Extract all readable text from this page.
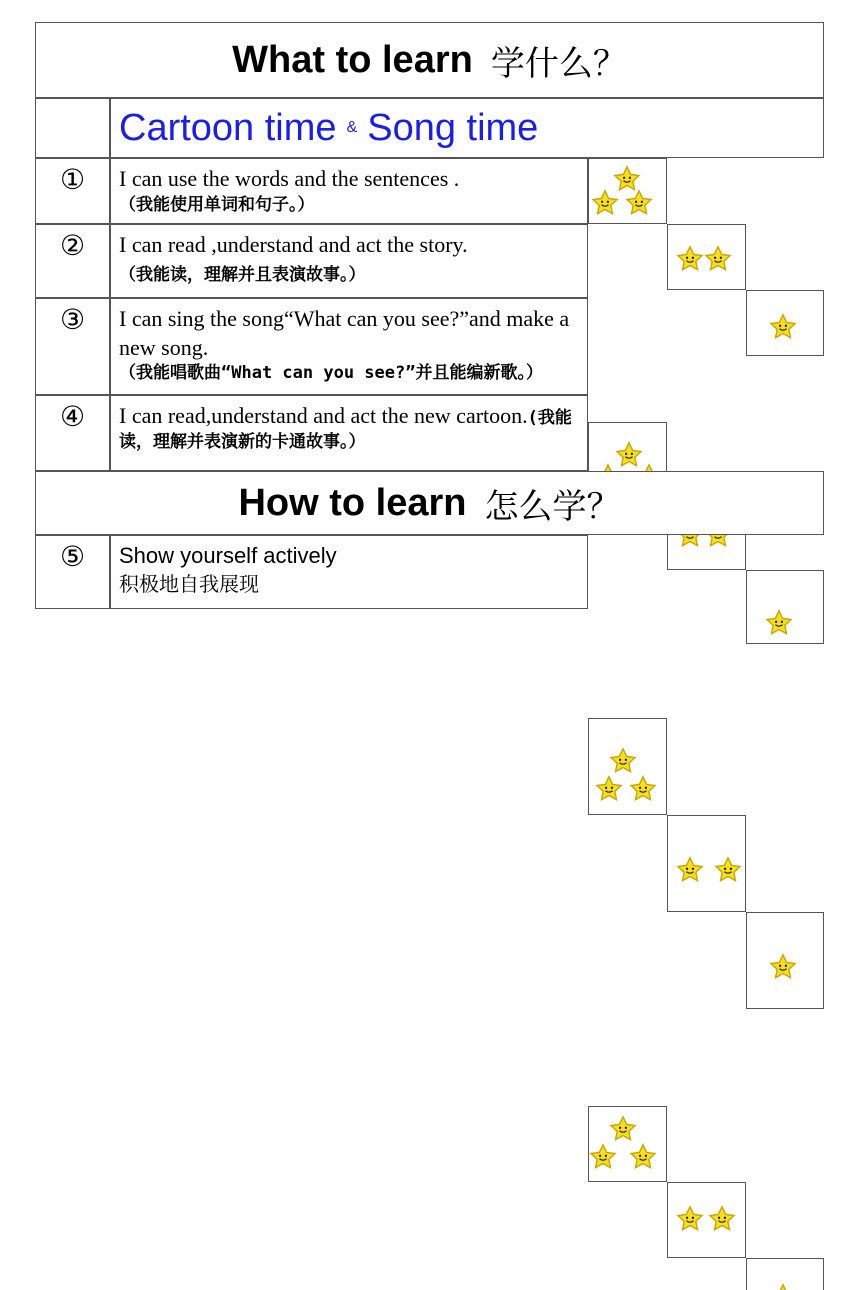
What to learn 学什么？
Cartoon time & Song time
①	I can use the words and the sentences .
（我能使用单词和句子。）
②	I can read ,understand and act the story.
（我能读，理解并且表演故事。）
③	I can sing the song“What can you see?”and make a new song.
（我能唱歌曲“What can you see?”并且能编新歌。）
④	I can read,understand and act the new cartoon.(我能读，理解并表演新的卡通故事。）
How to learn 怎么学？
⑤	Show yourself actively
积极地自我展现
